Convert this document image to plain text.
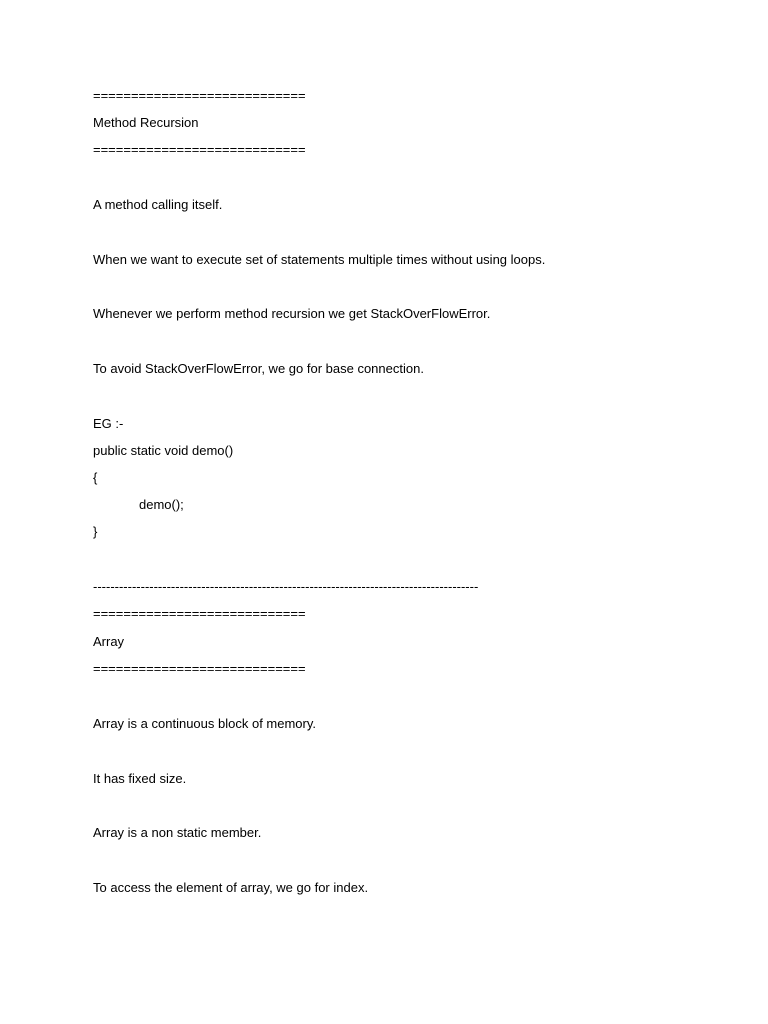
============================

Method Recursion

============================

A method calling itself.

When we want to execute set of statements multiple times without using loops.

Whenever we perform method recursion we get StackOverFlowError.

To avoid StackOverFlowError, we go for base connection.

EG :-

public static void demo()

{

demo();

}

-----------------------------------------------------------------------------------------

============================

Array

============================

Array is a continuous block of memory.

It has fixed size.

Array is a non static member.

To access the element of array, we go for index.
